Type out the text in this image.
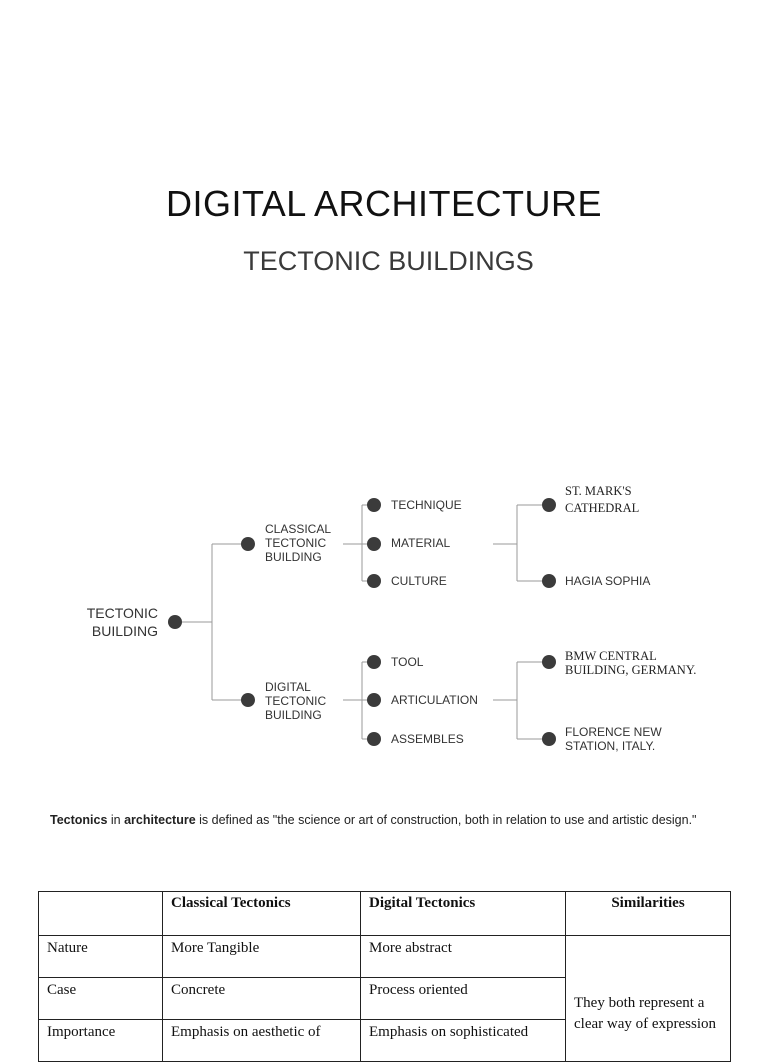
DIGITAL ARCHITECTURE
TECTONIC BUILDINGS
TECTONIC
BUILDING
CLASSICAL
TECTONIC
BUILDING
DIGITAL
TECTONIC
BUILDING
TECHNIQUE
MATERIAL
CULTURE
TOOL
ARTICULATION
ASSEMBLES
ST. MARK'S
CATHEDRAL
HAGIA SOPHIA
BMW CENTRAL
BUILDING, GERMANY.
FLORENCE NEW
STATION, ITALY.
Tectonics in architecture is defined as "the science or art of construction, both in relation to use and artistic design."
	Classical Tectonics	Digital Tectonics	Similarities
Nature	More Tangible	More abstract	They both represent a clear way of expression
Case	Concrete	Process oriented	
Importance	Emphasis on aesthetic of	Emphasis on sophisticated	
